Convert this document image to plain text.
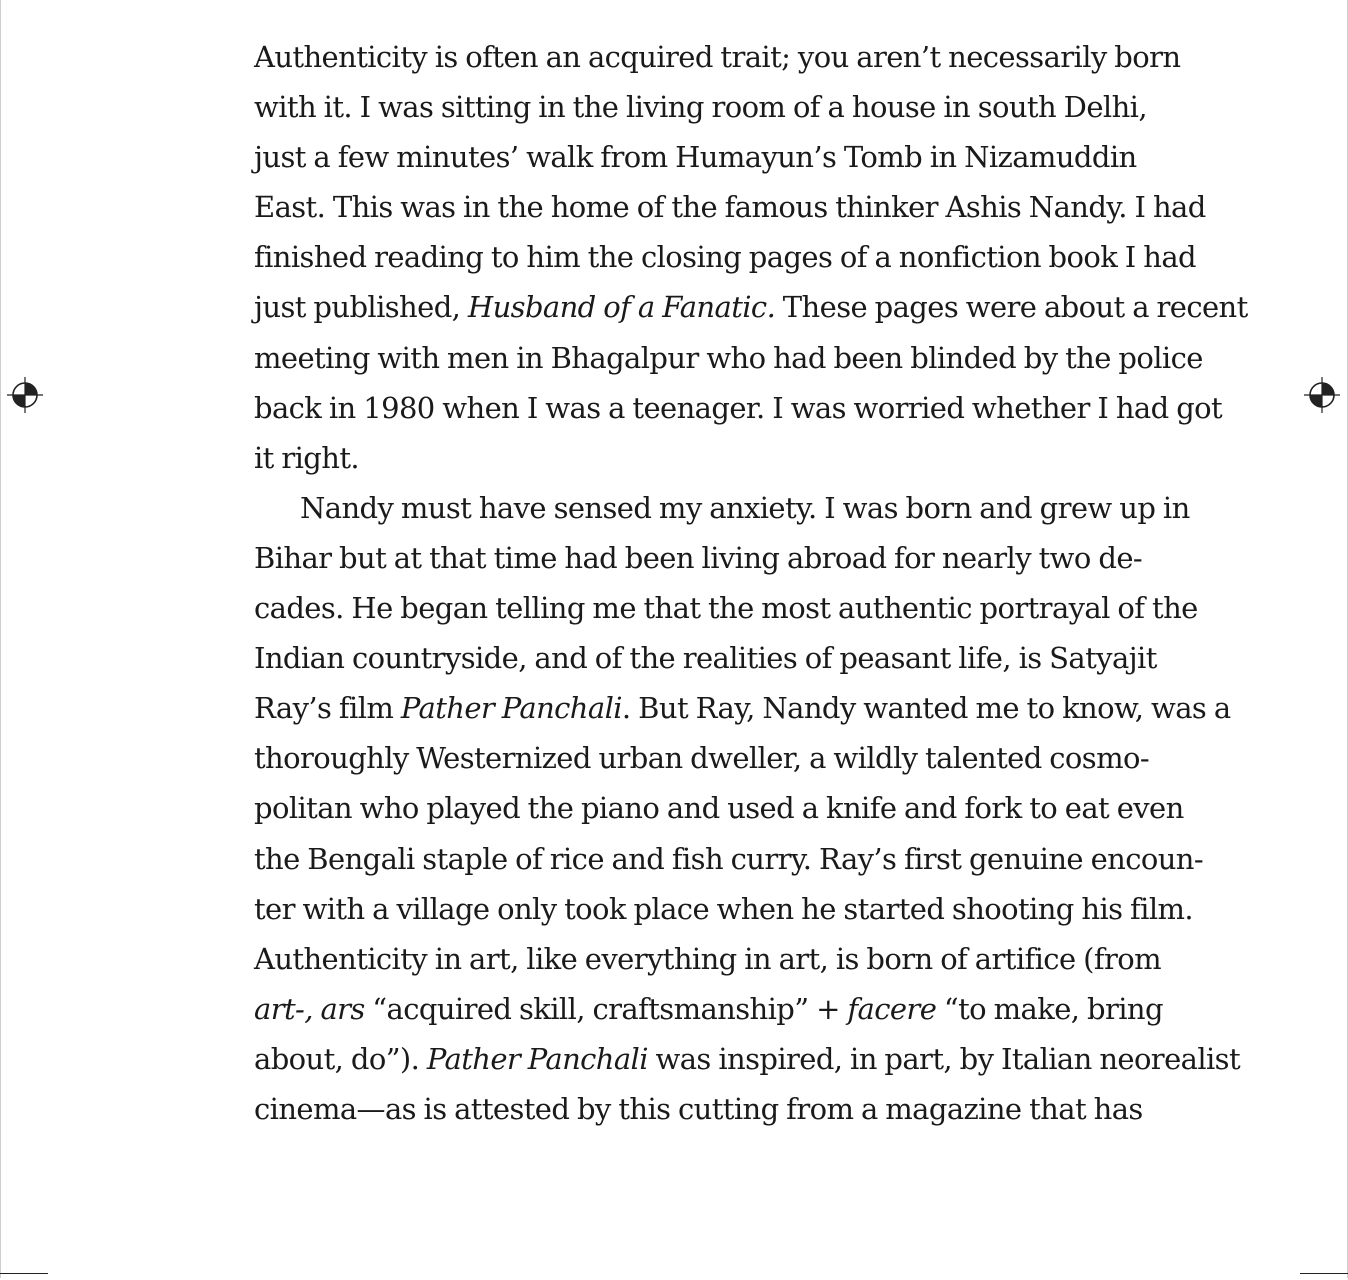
Authenticity is often an acquired trait; you aren’t necessarily born
with it. I was sitting in the living room of a house in south Delhi,
just a few minutes’ walk from Humayun’s Tomb in Nizamuddin
East. This was in the home of the famous thinker Ashis Nandy. I had
finished reading to him the closing pages of a nonfiction book I had
just published, Husband of a Fanatic. These pages were about a recent
meeting with men in Bhagalpur who had been blinded by the police
back in 1980 when I was a teenager. I was worried whether I had got
it right.
Nandy must have sensed my anxiety. I was born and grew up in
Bihar but at that time had been living abroad for nearly two de-
cades. He began telling me that the most authentic portrayal of the
Indian countryside, and of the realities of peasant life, is Satyajit
Ray’s film Pather Panchali. But Ray, Nandy wanted me to know, was a
thoroughly Westernized urban dweller, a wildly talented cosmo-
politan who played the piano and used a knife and fork to eat even
the Bengali staple of rice and fish curry. Ray’s first genuine encoun-
ter with a village only took place when he started shooting his film.
Authenticity in art, like everything in art, is born of artifice (from
art-, ars “acquired skill, craftsmanship” + facere “to make, bring
about, do”). Pather Panchali was inspired, in part, by Italian neorealist
cinema—as is attested by this cutting from a magazine that has
